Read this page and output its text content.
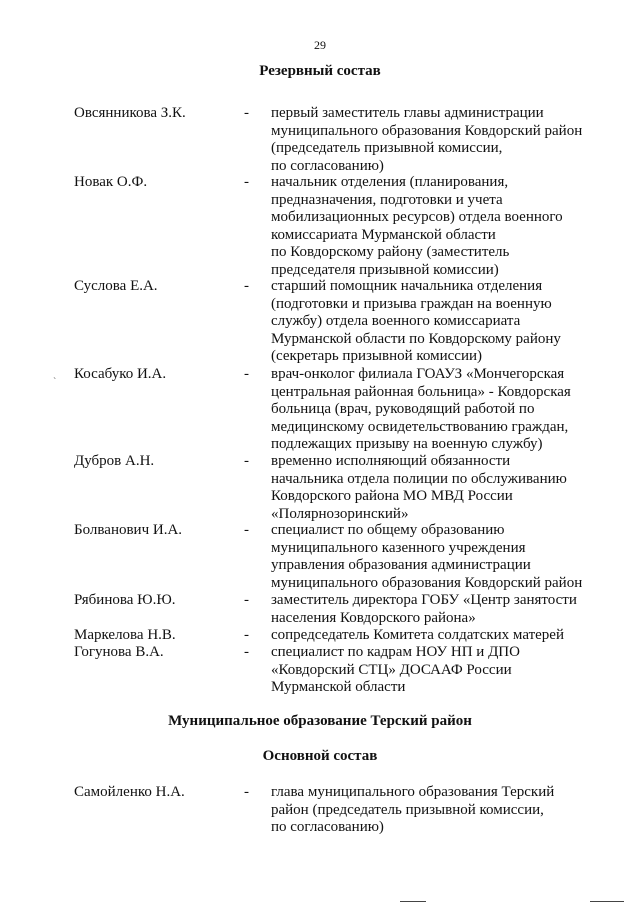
29
Резервный состав
Овсянникова З.К.	- первый заместитель главы администрации
муниципального образования Ковдорский район
(председатель призывной комиссии,
по согласованию)
Новак О.Ф.	- начальник отделения (планирования,
предназначения, подготовки и учета
мобилизационных ресурсов) отдела военного
комиссариата Мурманской области
по Ковдорскому району (заместитель
председателя призывной комиссии)
Суслова Е.А.	- старший помощник начальника отделения
(подготовки и призыва граждан на военную
службу) отдела военного комиссариата
Мурманской области по Ковдорскому району
(секретарь призывной комиссии)
Косабуко И.А.	- врач-онколог филиала ГОАУЗ «Мончегорская
центральная районная больница» - Ковдорская
больница (врач, руководящий работой по
медицинскому освидетельствованию граждан,
подлежащих призыву на военную службу)
`
Дубров А.Н.	- временно исполняющий обязанности
начальника отдела полиции по обслуживанию
Ковдорского района МО МВД России
«Полярнозоринский»
Болванович И.А.	- специалист по общему образованию
муниципального казенного учреждения
управления образования администрации
муниципального образования Ковдорский район
Рябинова Ю.Ю.	- заместитель директора ГОБУ «Центр занятости
населения Ковдорского района»
Маркелова Н.В.	- сопредседатель Комитета солдатских матерей
Гогунова В.А.	- специалист по кадрам НОУ НП и ДПО
«Ковдорский СТЦ» ДОСААФ России
Мурманской области
Муниципальное образование Терский район
Основной состав
Самойленко Н.А.	- глава муниципального образования Терский
район (председатель призывной комиссии,
по согласованию)
